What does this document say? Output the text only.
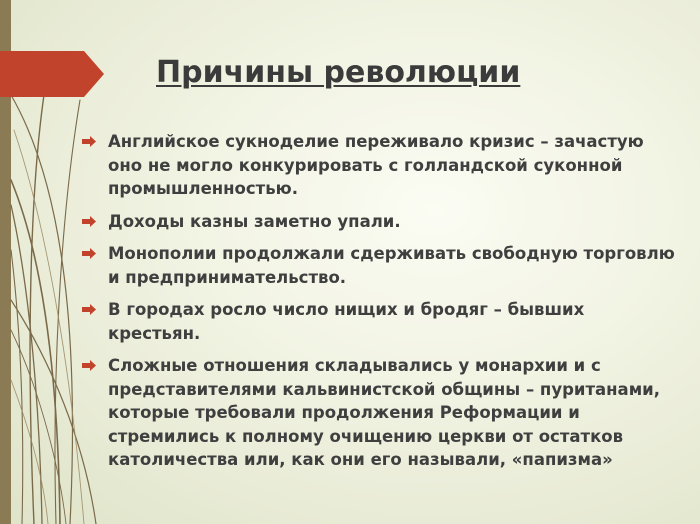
Причины революции
Английское сукноделие переживало кризис – зачастую оно не могло конкурировать с голландской суконной промышленностью.
Доходы казны заметно упали.
Монополии продолжали сдерживать свободную торговлю и предпринимательство.
В городах росло число нищих и бродяг – бывших крестьян.
Сложные отношения складывались у монархии и с представителями кальвинистской общины – пуританами, которые требовали продолжения Реформации и стремились к полному очищению церкви от остатков католичества или, как они его называли, «папизма»
